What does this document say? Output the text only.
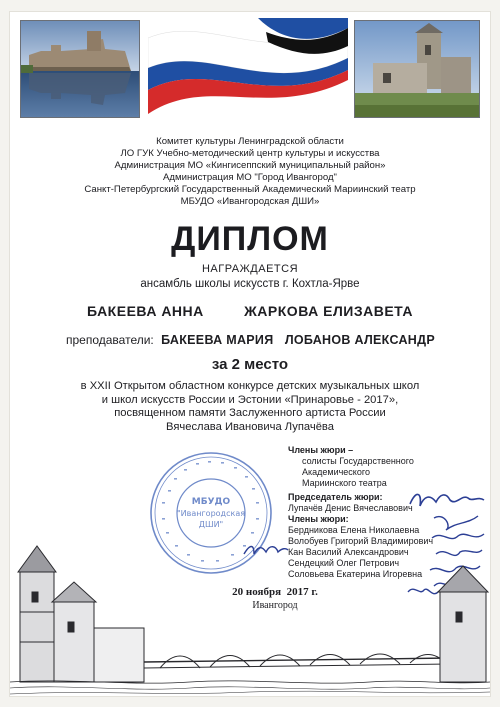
Комитет культуры Ленинградской области
ЛО ГУК Учебно-методический центр культуры и искусства
Администрация МО «Кингисеппский муниципальный район»
Администрация МО "Город Ивангород"
Санкт-Петербургский Государственный Академический Мариинский театр
МБУДО «Ивангородская ДШИ»
ДИПЛОМ
НАГРАЖДАЕТСЯ
ансамбль школы искусств г. Кохтла-Ярве
БАКЕЕВА АННА	ЖАРКОВА ЕЛИЗАВЕТА
преподаватели: БАКЕЕВА МАРИЯ   ЛОБАНОВ АЛЕКСАНДР
за 2 место
в XXII Открытом областном конкурсе детских музыкальных школ
и школ искусств России и Эстонии «Принаровье - 2017»,
посвященном памяти Заслуженного артиста России
Вячеслава Ивановича Лупачёва
МБУДО
"Ивангородская
ДШИ"
Члены жюри –
солисты Государственного
Академического
Мариинского театра
Председатель жюри:
Лупачёв Денис Вячеславович
Члены жюри:
Бердникова Елена Николаевна
Волобуев Григорий Владимирович
Кан Василий Александрович
Сендецкий Олег Петрович
Соловьева Екатерина Игоревна
20 ноября  2017 г.
Ивангород
